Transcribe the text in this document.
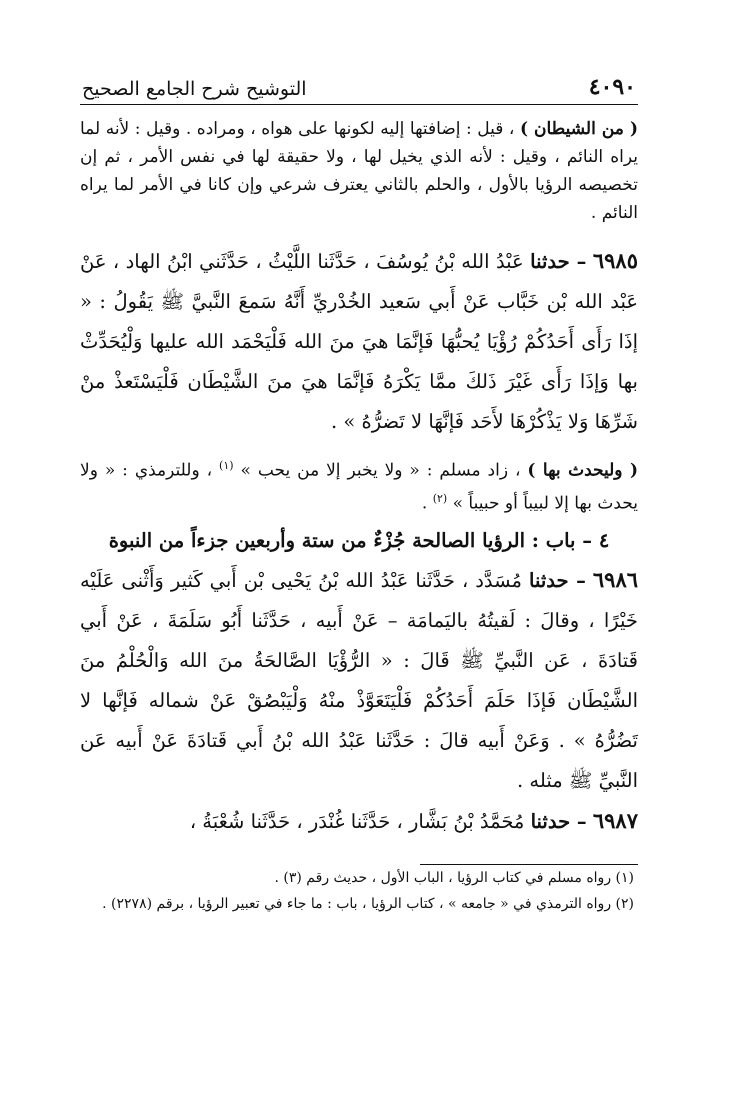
٤٠٩٠
التوشيح شرح الجامع الصحيح

( من الشيطان ) ، قيل : إضافتها إليه لكونها على هواه ، ومراده . وقيل : لأنه لما يراه النائم ، وقيل : لأنه الذي يخيل لها ، ولا حقيقة لها في نفس الأمر ، ثم إن تخصيصه الرؤيا بالأول ، والحلم بالثاني يعترف شرعي وإن كانا في الأمر لما يراه النائم .

٦٩٨٥ – حدثنا عَبْدُ الله بْنُ يُوسُفَ ، حَدَّثَنا اللَّيْثُ ، حَدَّثَني ابْنُ الهاد ، عَنْ عَبْد الله بْن خَبَّاب عَنْ أَبي سَعيد الخُدْريِّ أَنَّهُ سَمعَ النَّبيَّ ﷺ يَقُولُ : « إذَا رَأَى أَحَدُكُمْ رُؤْيَا يُحبُّهَا فَإنَّمَا هيَ منَ الله فَلْيَحْمَد الله عليها وَلْيُحَدِّثْ بها وَإذَا رَأَى غَيْرَ ذَلكَ ممَّا يَكْرَهُ فَإنَّمَا هيَ منَ الشَّيْطَان فَلْيَسْتَعذْ منْ شَرِّهَا وَلا يَذْكُرْهَا لأَحَد فَإنَّهَا لا تَضرُّهُ » .

( وليحدث بها ) ، زاد مسلم : « ولا يخبر إلا من يحب » $^{(١)}$ ، وللترمذي : « ولا يحدث بها إلا لبيباً أو حبيباً » $^{(٢)}$ .

٤ – باب : الرؤيا الصالحة جُزْءٌ من ستة وأربعين جزءاً من النبوة

٦٩٨٦ – حدثنا مُسَدَّد ، حَدَّثَنا عَبْدُ الله بْنُ يَحْيى بْن أَبي كَثير وَأَثْنى عَلَيْه خَيْرًا ، وقالَ : لَقيتُهُ باليَمامَة – عَنْ أَبيه ، حَدَّثَنا أَبُو سَلَمَةَ ، عَنْ أَبي قَتادَةَ ، عَن النَّبيِّ ﷺ قَالَ : « الرُّؤْيَا الصَّالحَةُ منَ الله وَالْحُلْمُ منَ الشَّيْطَان فَإذَا حَلَمَ أَحَدُكُمْ فَلْيَتَعَوَّذْ منْهُ وَلْيَبْصُقْ عَنْ شماله فَإنَّها لا تَضُرُّهُ » . وَعَنْ أَبيه قالَ : حَدَّثَنا عَبْدُ الله بْنُ أَبي قَتادَةَ عَنْ أَبيه عَن النَّبيِّ ﷺ مثله .

٦٩٨٧ – حدثنا مُحَمَّدُ بْنُ بَشَّار ، حَدَّثَنا غُنْدَر ، حَدَّثَنا شُعْبَةُ ،

(١) رواه مسلم في كتاب الرؤيا ، الباب الأول ، حديث رقم (٣) .

(٢) رواه الترمذي في « جامعه » ، كتاب الرؤيا ، باب : ما جاء في تعبير الرؤيا ، برقم (٢٢٧٨) .
